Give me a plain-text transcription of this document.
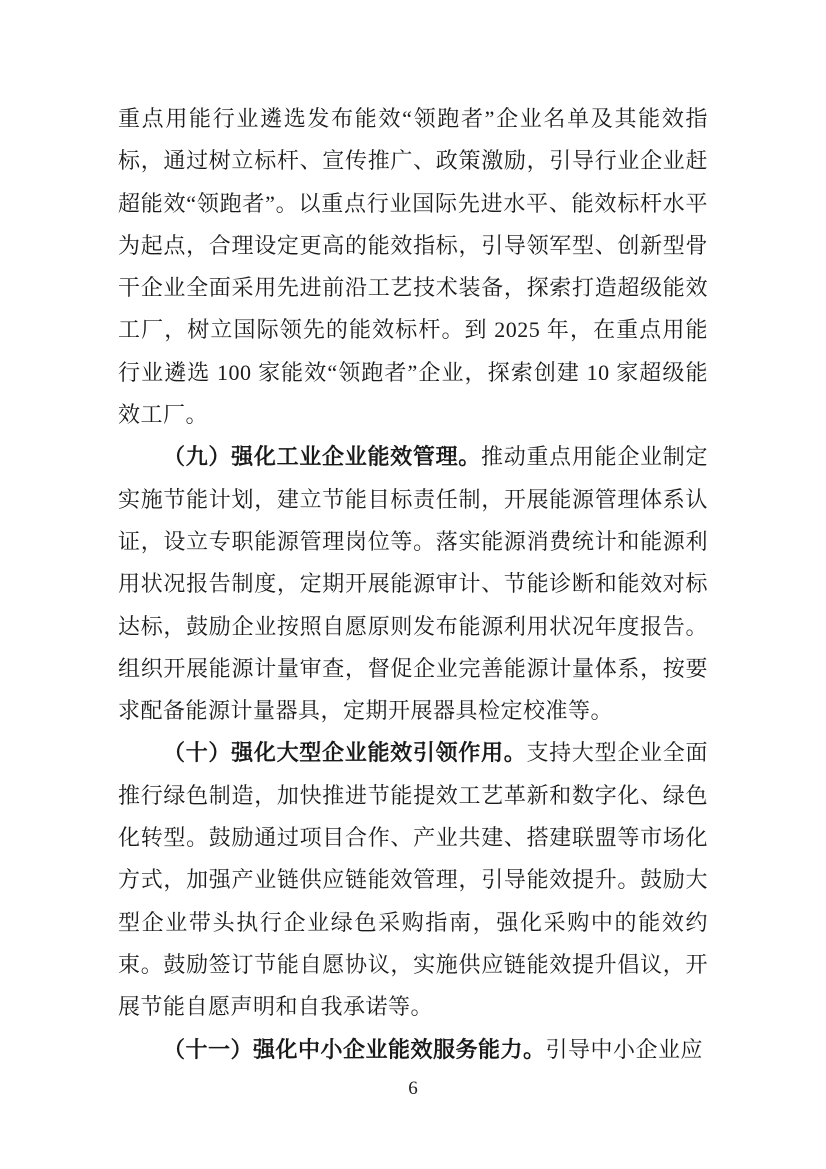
重点用能行业遴选发布能效“领跑者”企业名单及其能效指标，通过树立标杆、宣传推广、政策激励，引导行业企业赶超能效“领跑者”。以重点行业国际先进水平、能效标杆水平为起点，合理设定更高的能效指标，引导领军型、创新型骨干企业全面采用先进前沿工艺技术装备，探索打造超级能效工厂，树立国际领先的能效标杆。到 2025 年，在重点用能行业遴选 100 家能效“领跑者”企业，探索创建 10 家超级能效工厂。

（九）强化工业企业能效管理。推动重点用能企业制定实施节能计划，建立节能目标责任制，开展能源管理体系认证，设立专职能源管理岗位等。落实能源消费统计和能源利用状况报告制度，定期开展能源审计、节能诊断和能效对标达标，鼓励企业按照自愿原则发布能源利用状况年度报告。组织开展能源计量审查，督促企业完善能源计量体系，按要求配备能源计量器具，定期开展器具检定校准等。

（十）强化大型企业能效引领作用。支持大型企业全面推行绿色制造，加快推进节能提效工艺革新和数字化、绿色化转型。鼓励通过项目合作、产业共建、搭建联盟等市场化方式，加强产业链供应链能效管理，引导能效提升。鼓励大型企业带头执行企业绿色采购指南，强化采购中的能效约束。鼓励签订节能自愿协议，实施供应链能效提升倡议，开展节能自愿声明和自我承诺等。

（十一）强化中小企业能效服务能力。引导中小企业应

6
